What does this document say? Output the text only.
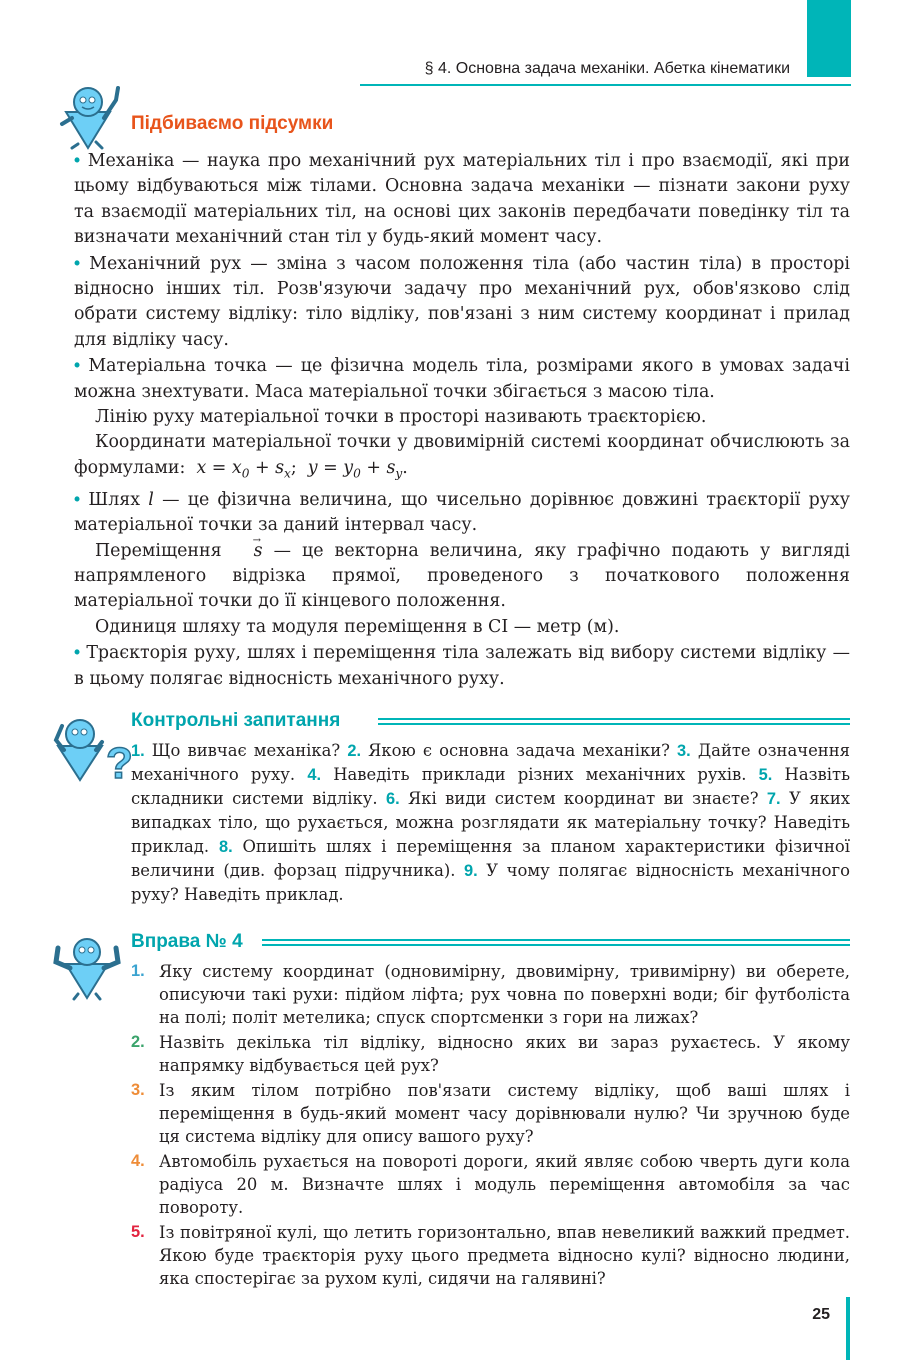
§ 4. Основна задача механіки. Абетка кінематики
Підбиваємо підсумки

• Механіка — наука про механічний рух матеріальних тіл і про взаємодії, які при цьому відбуваються між тілами. Основна задача механіки — пізнати закони руху та взаємодії матеріальних тіл, на основі цих законів передбачати поведінку тіл та визначати механічний стан тіл у будь-який момент часу.

• Механічний рух — зміна з часом положення тіла (або частин тіла) в просторі відносно інших тіл. Розв'язуючи задачу про механічний рух, обов'язково слід обрати систему відліку: тіло відліку, пов'язані з ним систему координат і прилад для відліку часу.

• Матеріальна точка — це фізична модель тіла, розмірами якого в умовах задачі можна знехтувати. Маса матеріальної точки збігається з масою тіла.

Лінію руху матеріальної точки в просторі називають траєкторією.

Координати матеріальної точки у двовимірній системі координат обчислюють за формулами: $x = x_0 + s_x$; $y = y_0 + s_y$.

• Шлях l — це фізична величина, що чисельно дорівнює довжині траєкторії руху матеріальної точки за даний інтервал часу.

Переміщення → s — це векторна величина, яку графічно подають у вигляді напрямленого відрізка прямої, проведеного з початкового положення матеріальної точки до її кінцевого положення.

Одиниця шляху та модуля переміщення в СІ — метр (м).

• Траєкторія руху, шлях і переміщення тіла залежать від вибору системи відліку — в цьому полягає відносність механічного руху.

?
Контрольні запитання

1. Що вивчає механіка? 2. Якою є основна задача механіки? 3. Дайте означення механічного руху. 4. Наведіть приклади різних механічних рухів. 5. Назвіть складники системи відліку. 6. Які види систем координат ви знаєте? 7. У яких випадках тіло, що рухається, можна розглядати як матеріальну точку? Наведіть приклад. 8. Опишіть шлях і переміщення за планом характеристики фізичної величини (див. форзац підручника). 9. У чому полягає відносність механічного руху? Наведіть приклад.

Вправа № 4
1. Яку систему координат (одновимірну, двовимірну, тривимірну) ви оберете, описуючи такі рухи: підйом ліфта; рух човна по поверхні води; біг футболіста на полі; політ метелика; спуск спортсменки з гори на лижах?
2. Назвіть декілька тіл відліку, відносно яких ви зараз рухаєтесь. У якому напрямку відбувається цей рух?
3. Із яким тілом потрібно пов'язати систему відліку, щоб ваші шлях і переміщення в будь-який момент часу дорівнювали нулю? Чи зручною буде ця система відліку для опису вашого руху?
4. Автомобіль рухається на повороті дороги, який являє собою чверть дуги кола радіуса 20 м. Визначте шлях і модуль переміщення автомобіля за час повороту.
5. Із повітряної кулі, що летить горизонтально, впав невеликий важкий предмет. Якою буде траєкторія руху цього предмета відносно кулі? відносно людини, яка спостерігає за рухом кулі, сидячи на галявині?
25
